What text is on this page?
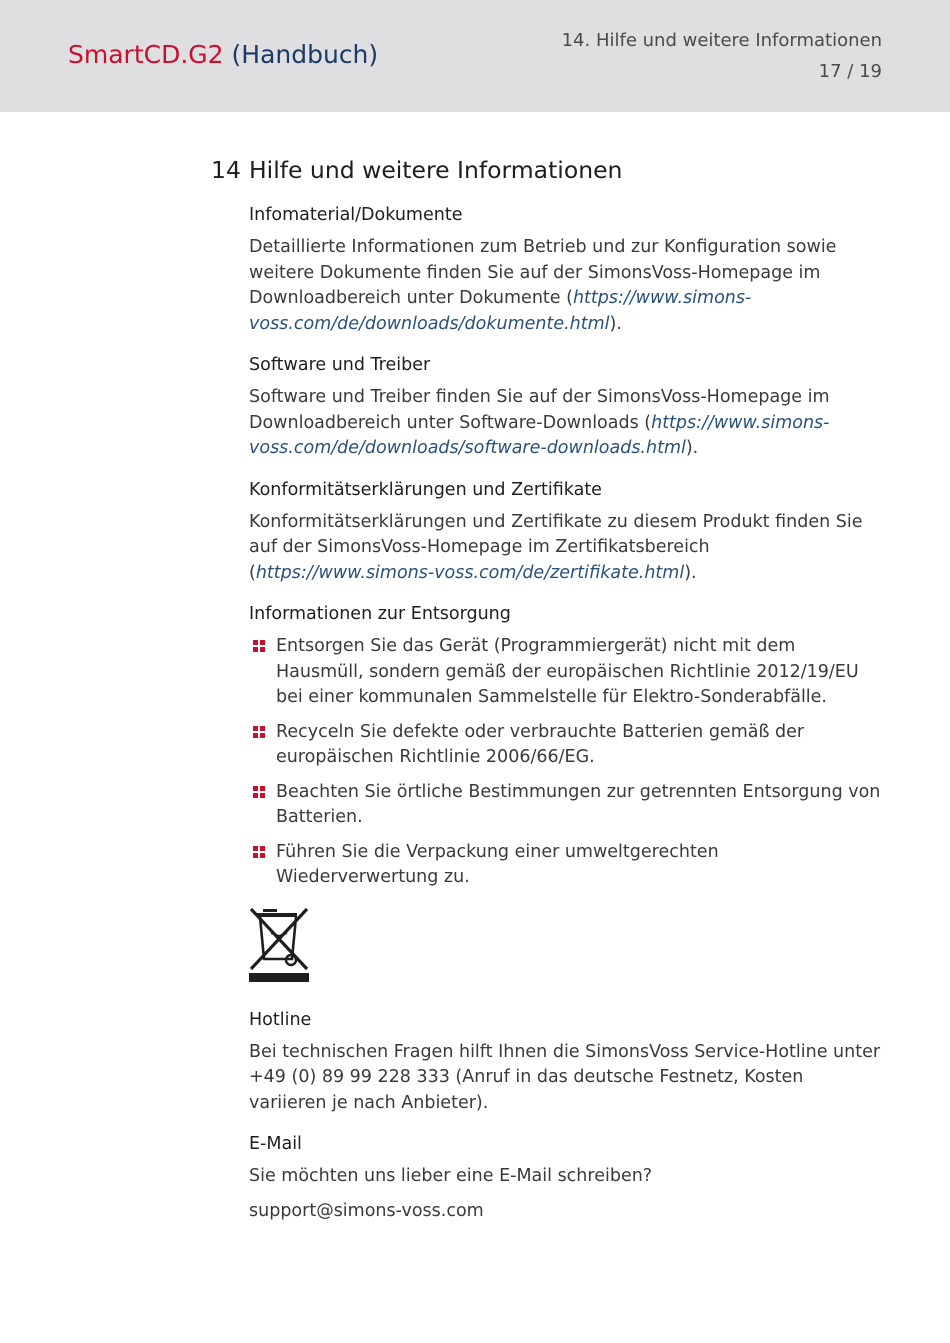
SmartCD.G2 (Handbuch)	14. Hilfe und weitere Informationen
17 / 19
14 Hilfe und weitere Informationen
Infomaterial/Dokumente

Detaillierte Informationen zum Betrieb und zur Konfiguration sowie weitere Dokumente finden Sie auf der SimonsVoss-Homepage im Downloadbereich unter Dokumente (https://www.simons-voss.com/de/downloads/dokumente.html).

Software und Treiber

Software und Treiber finden Sie auf der SimonsVoss-Homepage im Downloadbereich unter Software-Downloads (https://www.simons-voss.com/de/downloads/software-downloads.html).

Konformitätserklärungen und Zertifikate

Konformitätserklärungen und Zertifikate zu diesem Produkt finden Sie auf der SimonsVoss-Homepage im Zertifikatsbereich (https://www.simons-voss.com/de/zertifikate.html).

Informationen zur Entsorgung
Entsorgen Sie das Gerät (Programmiergerät) nicht mit dem Hausmüll, sondern gemäß der europäischen Richtlinie 2012/19/EU bei einer kommunalen Sammelstelle für Elektro-Sonderabfälle.
Recyceln Sie defekte oder verbrauchte Batterien gemäß der europäischen Richtlinie 2006/66/EG.
Beachten Sie örtliche Bestimmungen zur getrennten Entsorgung von Batterien.
Führen Sie die Verpackung einer umweltgerechten Wiederverwertung zu.
Hotline

Bei technischen Fragen hilft Ihnen die SimonsVoss Service-Hotline unter +49 (0) 89 99 228 333 (Anruf in das deutsche Festnetz, Kosten variieren je nach Anbieter).

E-Mail

Sie möchten uns lieber eine E-Mail schreiben?

support@simons-voss.com
